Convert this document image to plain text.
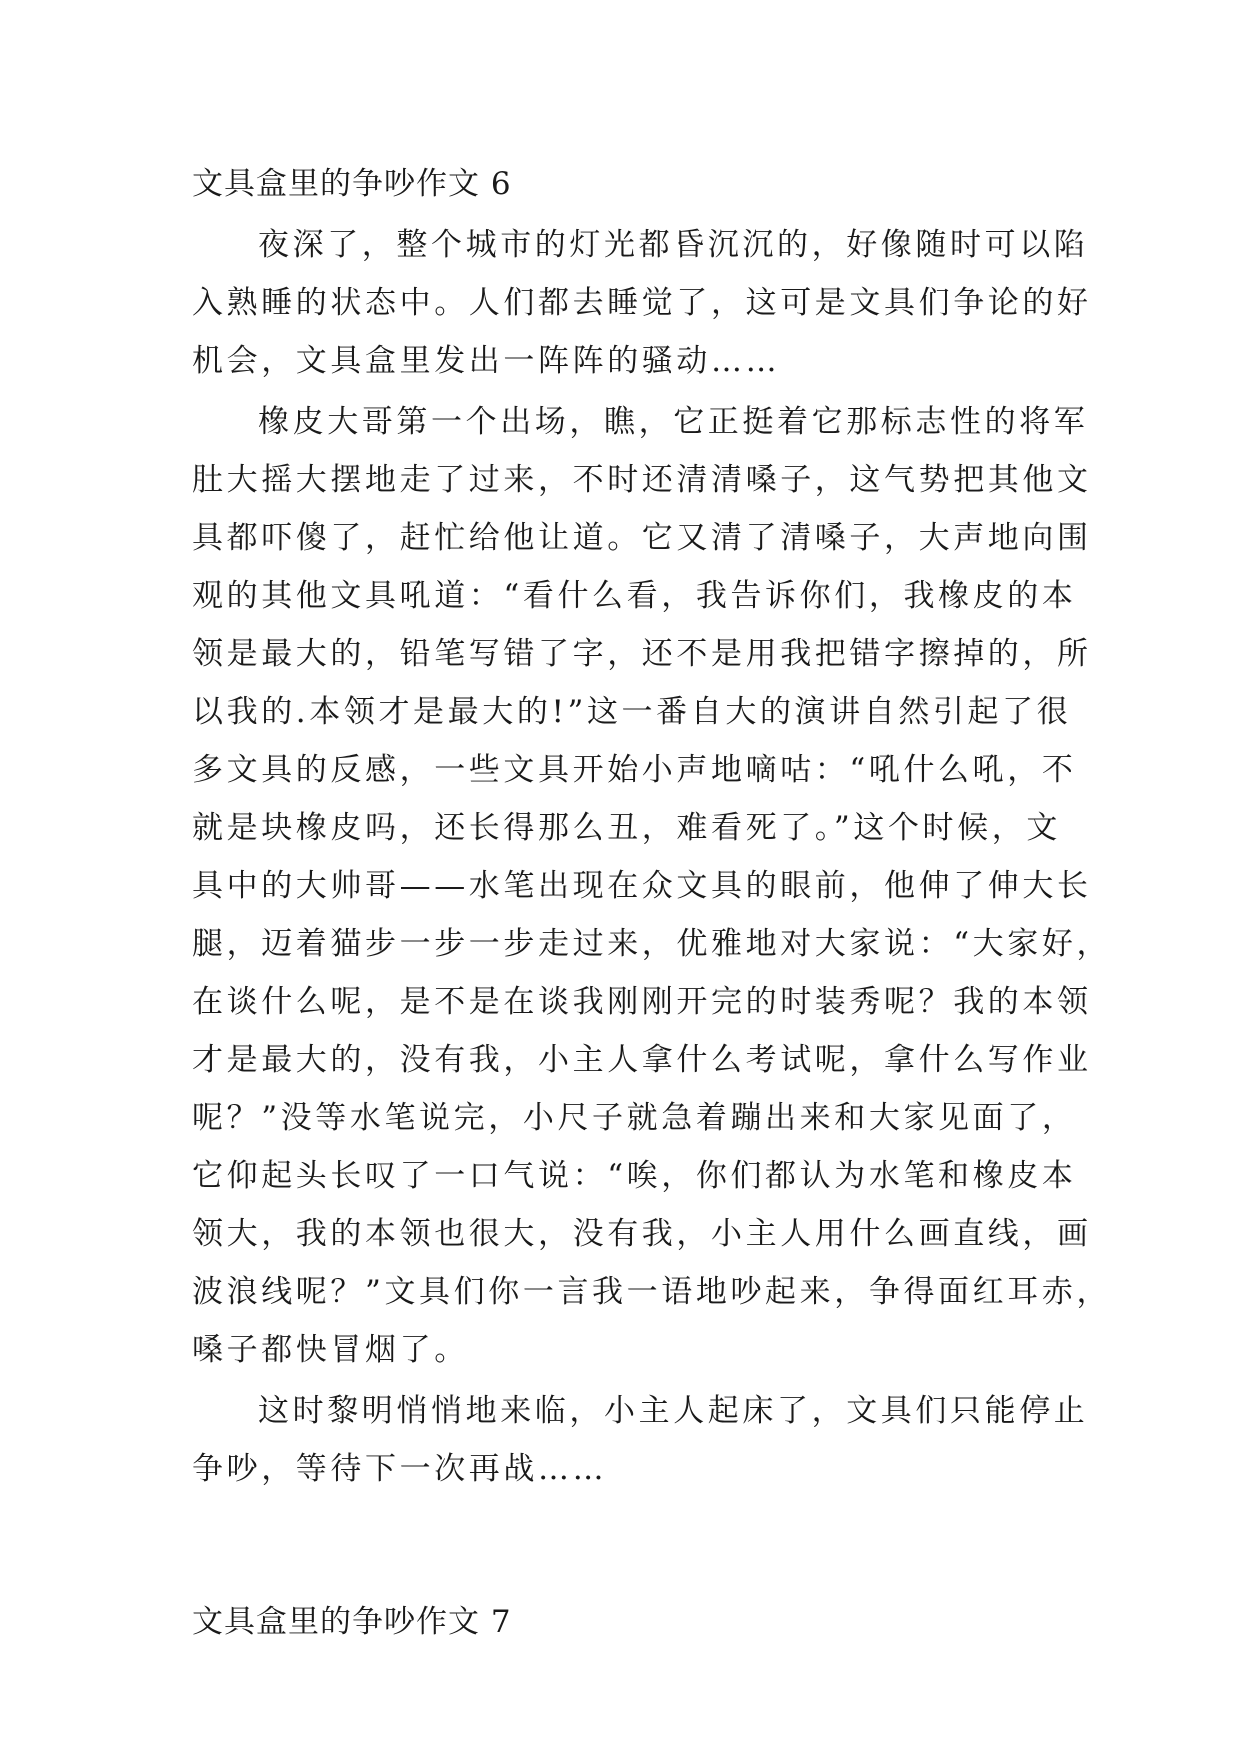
文具盒里的争吵作文 6
夜深了，整个城市的灯光都昏沉沉的，好像随时可以陷
入熟睡的状态中。人们都去睡觉了，这可是文具们争论的好
机会，文具盒里发出一阵阵的骚动……
橡皮大哥第一个出场，瞧，它正挺着它那标志性的将军
肚大摇大摆地走了过来，不时还清清嗓子，这气势把其他文
具都吓傻了，赶忙给他让道。它又清了清嗓子，大声地向围
观的其他文具吼道：“看什么看，我告诉你们，我橡皮的本
领是最大的，铅笔写错了字，还不是用我把错字擦掉的，所
以我的.本领才是最大的!”这一番自大的演讲自然引起了很
多文具的反感，一些文具开始小声地嘀咕：“吼什么吼，不
就是块橡皮吗，还长得那么丑，难看死了。”这个时候，文
具中的大帅哥——水笔出现在众文具的眼前，他伸了伸大长
腿，迈着猫步一步一步走过来，优雅地对大家说：“大家好，
在谈什么呢，是不是在谈我刚刚开完的时装秀呢？我的本领
才是最大的，没有我，小主人拿什么考试呢，拿什么写作业
呢？”没等水笔说完，小尺子就急着蹦出来和大家见面了，
它仰起头长叹了一口气说：“唉，你们都认为水笔和橡皮本
领大，我的本领也很大，没有我，小主人用什么画直线，画
波浪线呢？”文具们你一言我一语地吵起来，争得面红耳赤，
嗓子都快冒烟了。
这时黎明悄悄地来临，小主人起床了，文具们只能停止
争吵，等待下一次再战……
文具盒里的争吵作文 7
